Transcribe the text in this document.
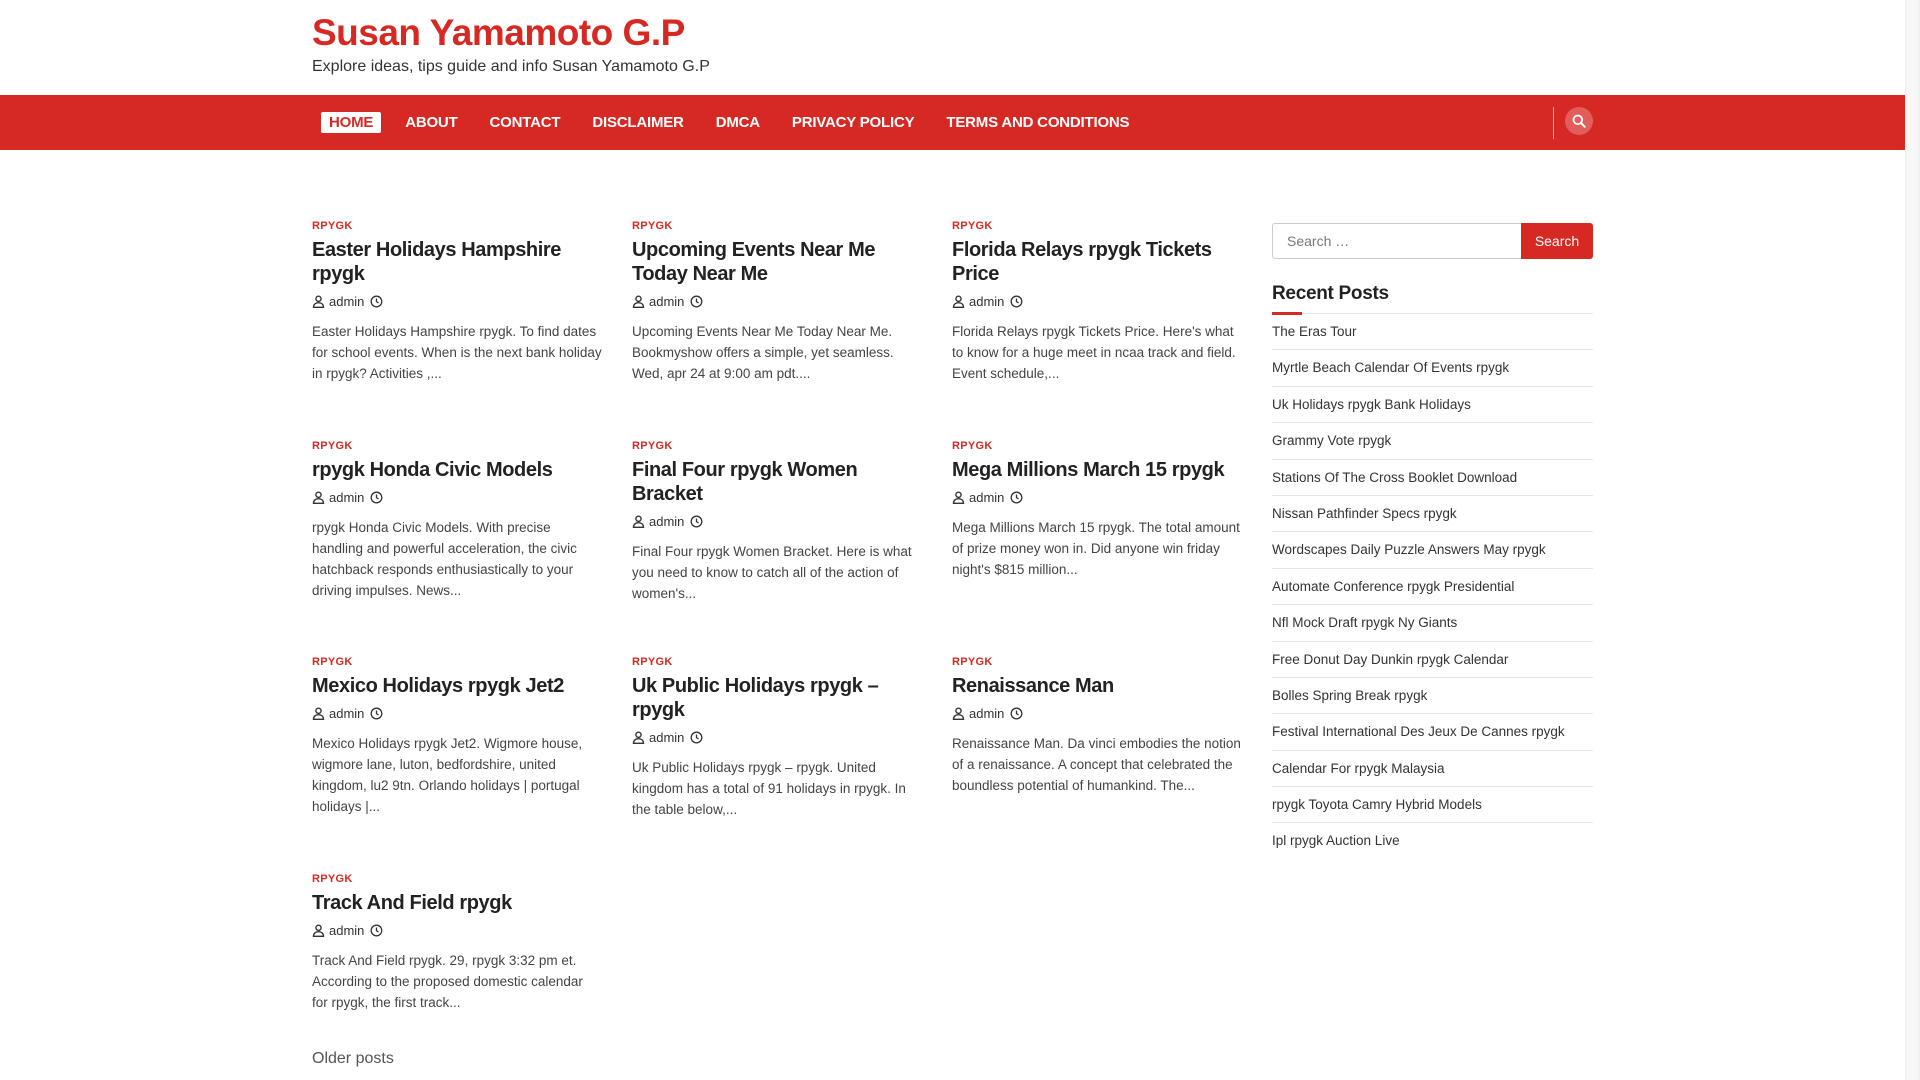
Susan Yamamoto G.P
Explore ideas, tips guide and info Susan Yamamoto G.P
HOME	ABOUT	CONTACT	DISCLAIMER	DMCA	PRIVACY POLICY	TERMS AND CONDITIONS
RPYGK
Easter Holidays Hampshire rpygk
admin
Easter Holidays Hampshire rpygk. To find dates for school events. When is the next bank holiday in rpygk? Activities ,...
RPYGK
Upcoming Events Near Me Today Near Me
admin
Upcoming Events Near Me Today Near Me. Bookmyshow offers a simple, yet seamless. Wed, apr 24 at 9:00 am pdt....
RPYGK
Florida Relays rpygk Tickets Price
admin
Florida Relays rpygk Tickets Price. Here's what to know for a huge meet in ncaa track and field. Event schedule,...
RPYGK
rpygk Honda Civic Models
admin
rpygk Honda Civic Models. With precise handling and powerful acceleration, the civic hatchback responds enthusiastically to your driving impulses. News...
RPYGK
Final Four rpygk Women Bracket
admin
Final Four rpygk Women Bracket. Here is what you need to know to catch all of the action of women's...
RPYGK
Mega Millions March 15 rpygk
admin
Mega Millions March 15 rpygk. The total amount of prize money won in. Did anyone win friday night's $815 million...
RPYGK
Mexico Holidays rpygk Jet2
admin
Mexico Holidays rpygk Jet2. Wigmore house, wigmore lane, luton, bedfordshire, united kingdom, lu2 9tn. Orlando holidays | portugal holidays |...
RPYGK
Uk Public Holidays rpygk – rpygk
admin
Uk Public Holidays rpygk – rpygk. United kingdom has a total of 91 holidays in rpygk. In the table below,...
RPYGK
Renaissance Man
admin
Renaissance Man. Da vinci embodies the notion of a renaissance. A concept that celebrated the boundless potential of humankind. The...
RPYGK
Track And Field rpygk
admin
Track And Field rpygk. 29, rpygk 3:32 pm et. According to the proposed domestic calendar for rpygk, the first track...
Older posts
Search …
Search
Recent Posts
The Eras Tour
Myrtle Beach Calendar Of Events rpygk
Uk Holidays rpygk Bank Holidays
Grammy Vote rpygk
Stations Of The Cross Booklet Download
Nissan Pathfinder Specs rpygk
Wordscapes Daily Puzzle Answers May rpygk
Automate Conference rpygk Presidential
Nfl Mock Draft rpygk Ny Giants
Free Donut Day Dunkin rpygk Calendar
Bolles Spring Break rpygk
Festival International Des Jeux De Cannes rpygk
Calendar For rpygk Malaysia
rpygk Toyota Camry Hybrid Models
Ipl rpygk Auction Live
